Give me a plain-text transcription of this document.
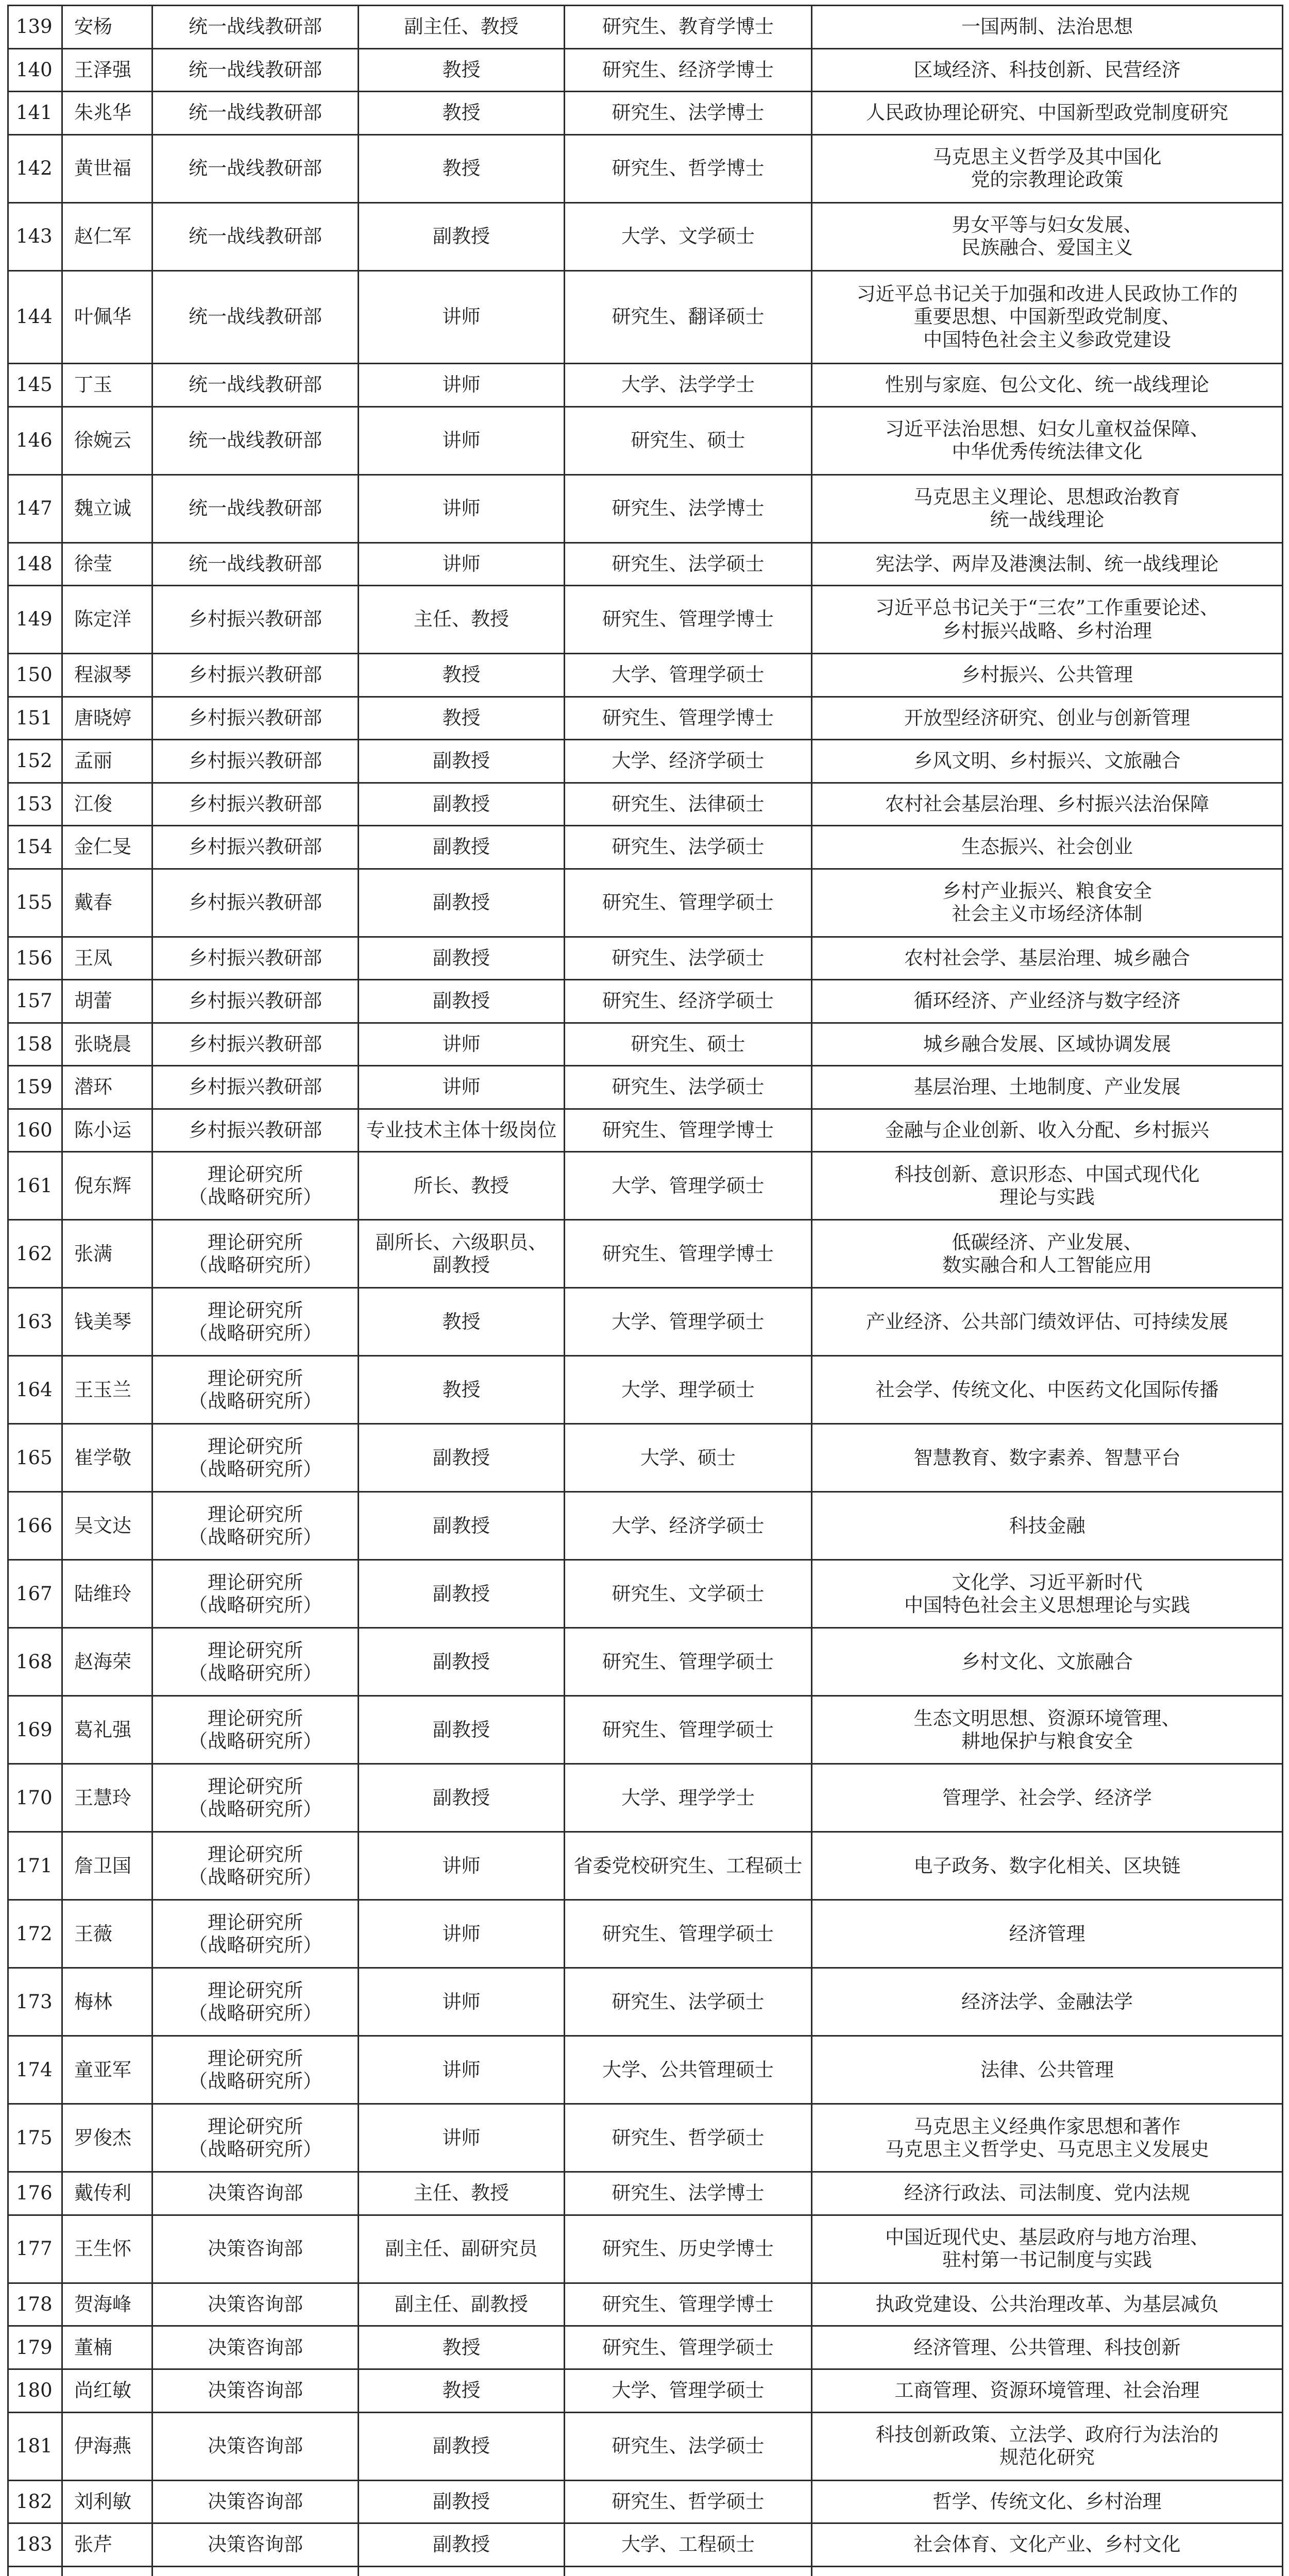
139	安杨	统一战线教研部	副主任、教授	研究生、教育学博士	一国两制、法治思想

140	王泽强	统一战线教研部	教授	研究生、经济学博士	区域经济、科技创新、民营经济

141	朱兆华	统一战线教研部	教授	研究生、法学博士	人民政协理论研究、中国新型政党制度研究

142	黄世福	统一战线教研部	教授	研究生、哲学博士	马克思主义哲学及其中国化
党的宗教理论政策

143	赵仁军	统一战线教研部	副教授	大学、文学硕士	男女平等与妇女发展、
民族融合、爱国主义

144	叶佩华	统一战线教研部	讲师	研究生、翻译硕士	习近平总书记关于加强和改进人民政协工作的
重要思想、中国新型政党制度、
中国特色社会主义参政党建设

145	丁玉	统一战线教研部	讲师	大学、法学学士	性别与家庭、包公文化、统一战线理论

146	徐婉云	统一战线教研部	讲师	研究生、硕士	习近平法治思想、妇女儿童权益保障、
中华优秀传统法律文化

147	魏立诚	统一战线教研部	讲师	研究生、法学博士	马克思主义理论、思想政治教育
统一战线理论

148	徐莹	统一战线教研部	讲师	研究生、法学硕士	宪法学、两岸及港澳法制、统一战线理论

149	陈定洋	乡村振兴教研部	主任、教授	研究生、管理学博士	习近平总书记关于“三农”工作重要论述、
乡村振兴战略、乡村治理

150	程淑琴	乡村振兴教研部	教授	大学、管理学硕士	乡村振兴、公共管理

151	唐晓婷	乡村振兴教研部	教授	研究生、管理学博士	开放型经济研究、创业与创新管理

152	孟丽	乡村振兴教研部	副教授	大学、经济学硕士	乡风文明、乡村振兴、文旅融合

153	江俊	乡村振兴教研部	副教授	研究生、法律硕士	农村社会基层治理、乡村振兴法治保障

154	金仁旻	乡村振兴教研部	副教授	研究生、法学硕士	生态振兴、社会创业

155	戴春	乡村振兴教研部	副教授	研究生、管理学硕士	乡村产业振兴、粮食安全
社会主义市场经济体制

156	王凤	乡村振兴教研部	副教授	研究生、法学硕士	农村社会学、基层治理、城乡融合

157	胡蕾	乡村振兴教研部	副教授	研究生、经济学硕士	循环经济、产业经济与数字经济

158	张晓晨	乡村振兴教研部	讲师	研究生、硕士	城乡融合发展、区域协调发展

159	潜环	乡村振兴教研部	讲师	研究生、法学硕士	基层治理、土地制度、产业发展

160	陈小运	乡村振兴教研部	专业技术主体十级岗位	研究生、管理学博士	金融与企业创新、收入分配、乡村振兴

161	倪东辉	理论研究所
（战略研究所）	所长、教授	大学、管理学硕士	科技创新、意识形态、中国式现代化
理论与实践

162	张满	理论研究所
（战略研究所）	副所长、六级职员、
副教授	研究生、管理学博士	低碳经济、产业发展、
数实融合和人工智能应用

163	钱美琴	理论研究所
（战略研究所）	教授	大学、管理学硕士	产业经济、公共部门绩效评估、可持续发展

164	王玉兰	理论研究所
（战略研究所）	教授	大学、理学硕士	社会学、传统文化、中医药文化国际传播

165	崔学敬	理论研究所
（战略研究所）	副教授	大学、硕士	智慧教育、数字素养、智慧平台

166	吴文达	理论研究所
（战略研究所）	副教授	大学、经济学硕士	科技金融

167	陆维玲	理论研究所
（战略研究所）	副教授	研究生、文学硕士	文化学、习近平新时代
中国特色社会主义思想理论与实践

168	赵海荣	理论研究所
（战略研究所）	副教授	研究生、管理学硕士	乡村文化、文旅融合

169	葛礼强	理论研究所
（战略研究所）	副教授	研究生、管理学硕士	生态文明思想、资源环境管理、
耕地保护与粮食安全

170	王慧玲	理论研究所
（战略研究所）	副教授	大学、理学学士	管理学、社会学、经济学

171	詹卫国	理论研究所
（战略研究所）	讲师	省委党校研究生、工程硕士	电子政务、数字化相关、区块链

172	王薇	理论研究所
（战略研究所）	讲师	研究生、管理学硕士	经济管理

173	梅林	理论研究所
（战略研究所）	讲师	研究生、法学硕士	经济法学、金融法学

174	童亚军	理论研究所
（战略研究所）	讲师	大学、公共管理硕士	法律、公共管理

175	罗俊杰	理论研究所
（战略研究所）	讲师	研究生、哲学硕士	马克思主义经典作家思想和著作
马克思主义哲学史、马克思主义发展史

176	戴传利	决策咨询部	主任、教授	研究生、法学博士	经济行政法、司法制度、党内法规

177	王生怀	决策咨询部	副主任、副研究员	研究生、历史学博士	中国近现代史、基层政府与地方治理、
驻村第一书记制度与实践

178	贺海峰	决策咨询部	副主任、副教授	研究生、管理学博士	执政党建设、公共治理改革、为基层减负

179	董楠	决策咨询部	教授	研究生、管理学硕士	经济管理、公共管理、科技创新

180	尚红敏	决策咨询部	教授	大学、管理学硕士	工商管理、资源环境管理、社会治理

181	伊海燕	决策咨询部	副教授	研究生、法学硕士	科技创新政策、立法学、政府行为法治的
规范化研究

182	刘利敏	决策咨询部	副教授	研究生、哲学硕士	哲学、传统文化、乡村治理

183	张芹	决策咨询部	副教授	大学、工程硕士	社会体育、文化产业、乡村文化
